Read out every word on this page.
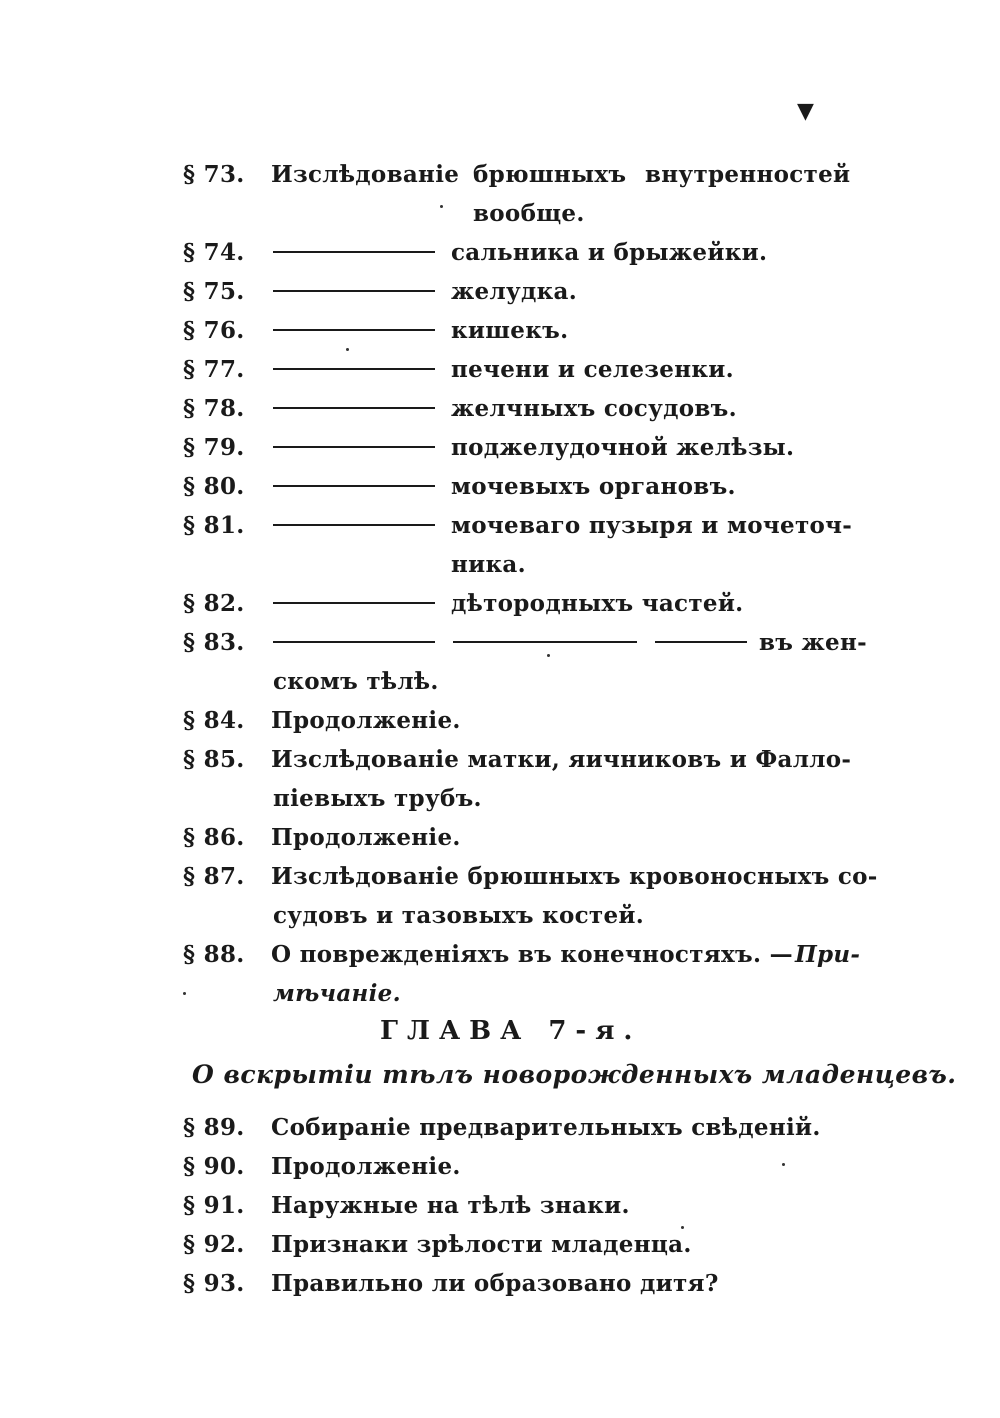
▼
§ 73. Изслѣдованіе брюшныхъ внутренностей
вообще.
§ 74.	сальника и брыжейки.
§ 75.	желудка.
§ 76.	кишекъ.
§ 77.	печени и селезенки.
§ 78.	желчныхъ сосудовъ.
§ 79.	поджелудочной желѣзы.
§ 80.	мочевыхъ органовъ.
§ 81.	мочеваго пузыря и мочеточ-
ника.
§ 82.	дѣтородныхъ частей.
§ 83.	въ жен-
скомъ тѣлѣ.
§ 84. Продолженіе.
§ 85. Изслѣдованіе матки, яичниковъ и Фалло-
піевыхъ трубъ.
§ 86. Продолженіе.
§ 87. Изслѣдованіе брюшныхъ кровоносныхъ со-
судовъ и тазовыхъ костей.
§ 88. О поврежденіяхъ въ конечностяхъ. — При-
мѣчаніе.
ГЛАВА 7-я.
О вскрытіи тѣлъ новорожденныхъ младенцевъ.
§ 89. Собираніе предварительныхъ свѣденій.
§ 90. Продолженіе.
§ 91. Наружные на тѣлѣ знаки.
§ 92. Признаки зрѣлости младенца.
§ 93. Правильно ли образовано дитя?
